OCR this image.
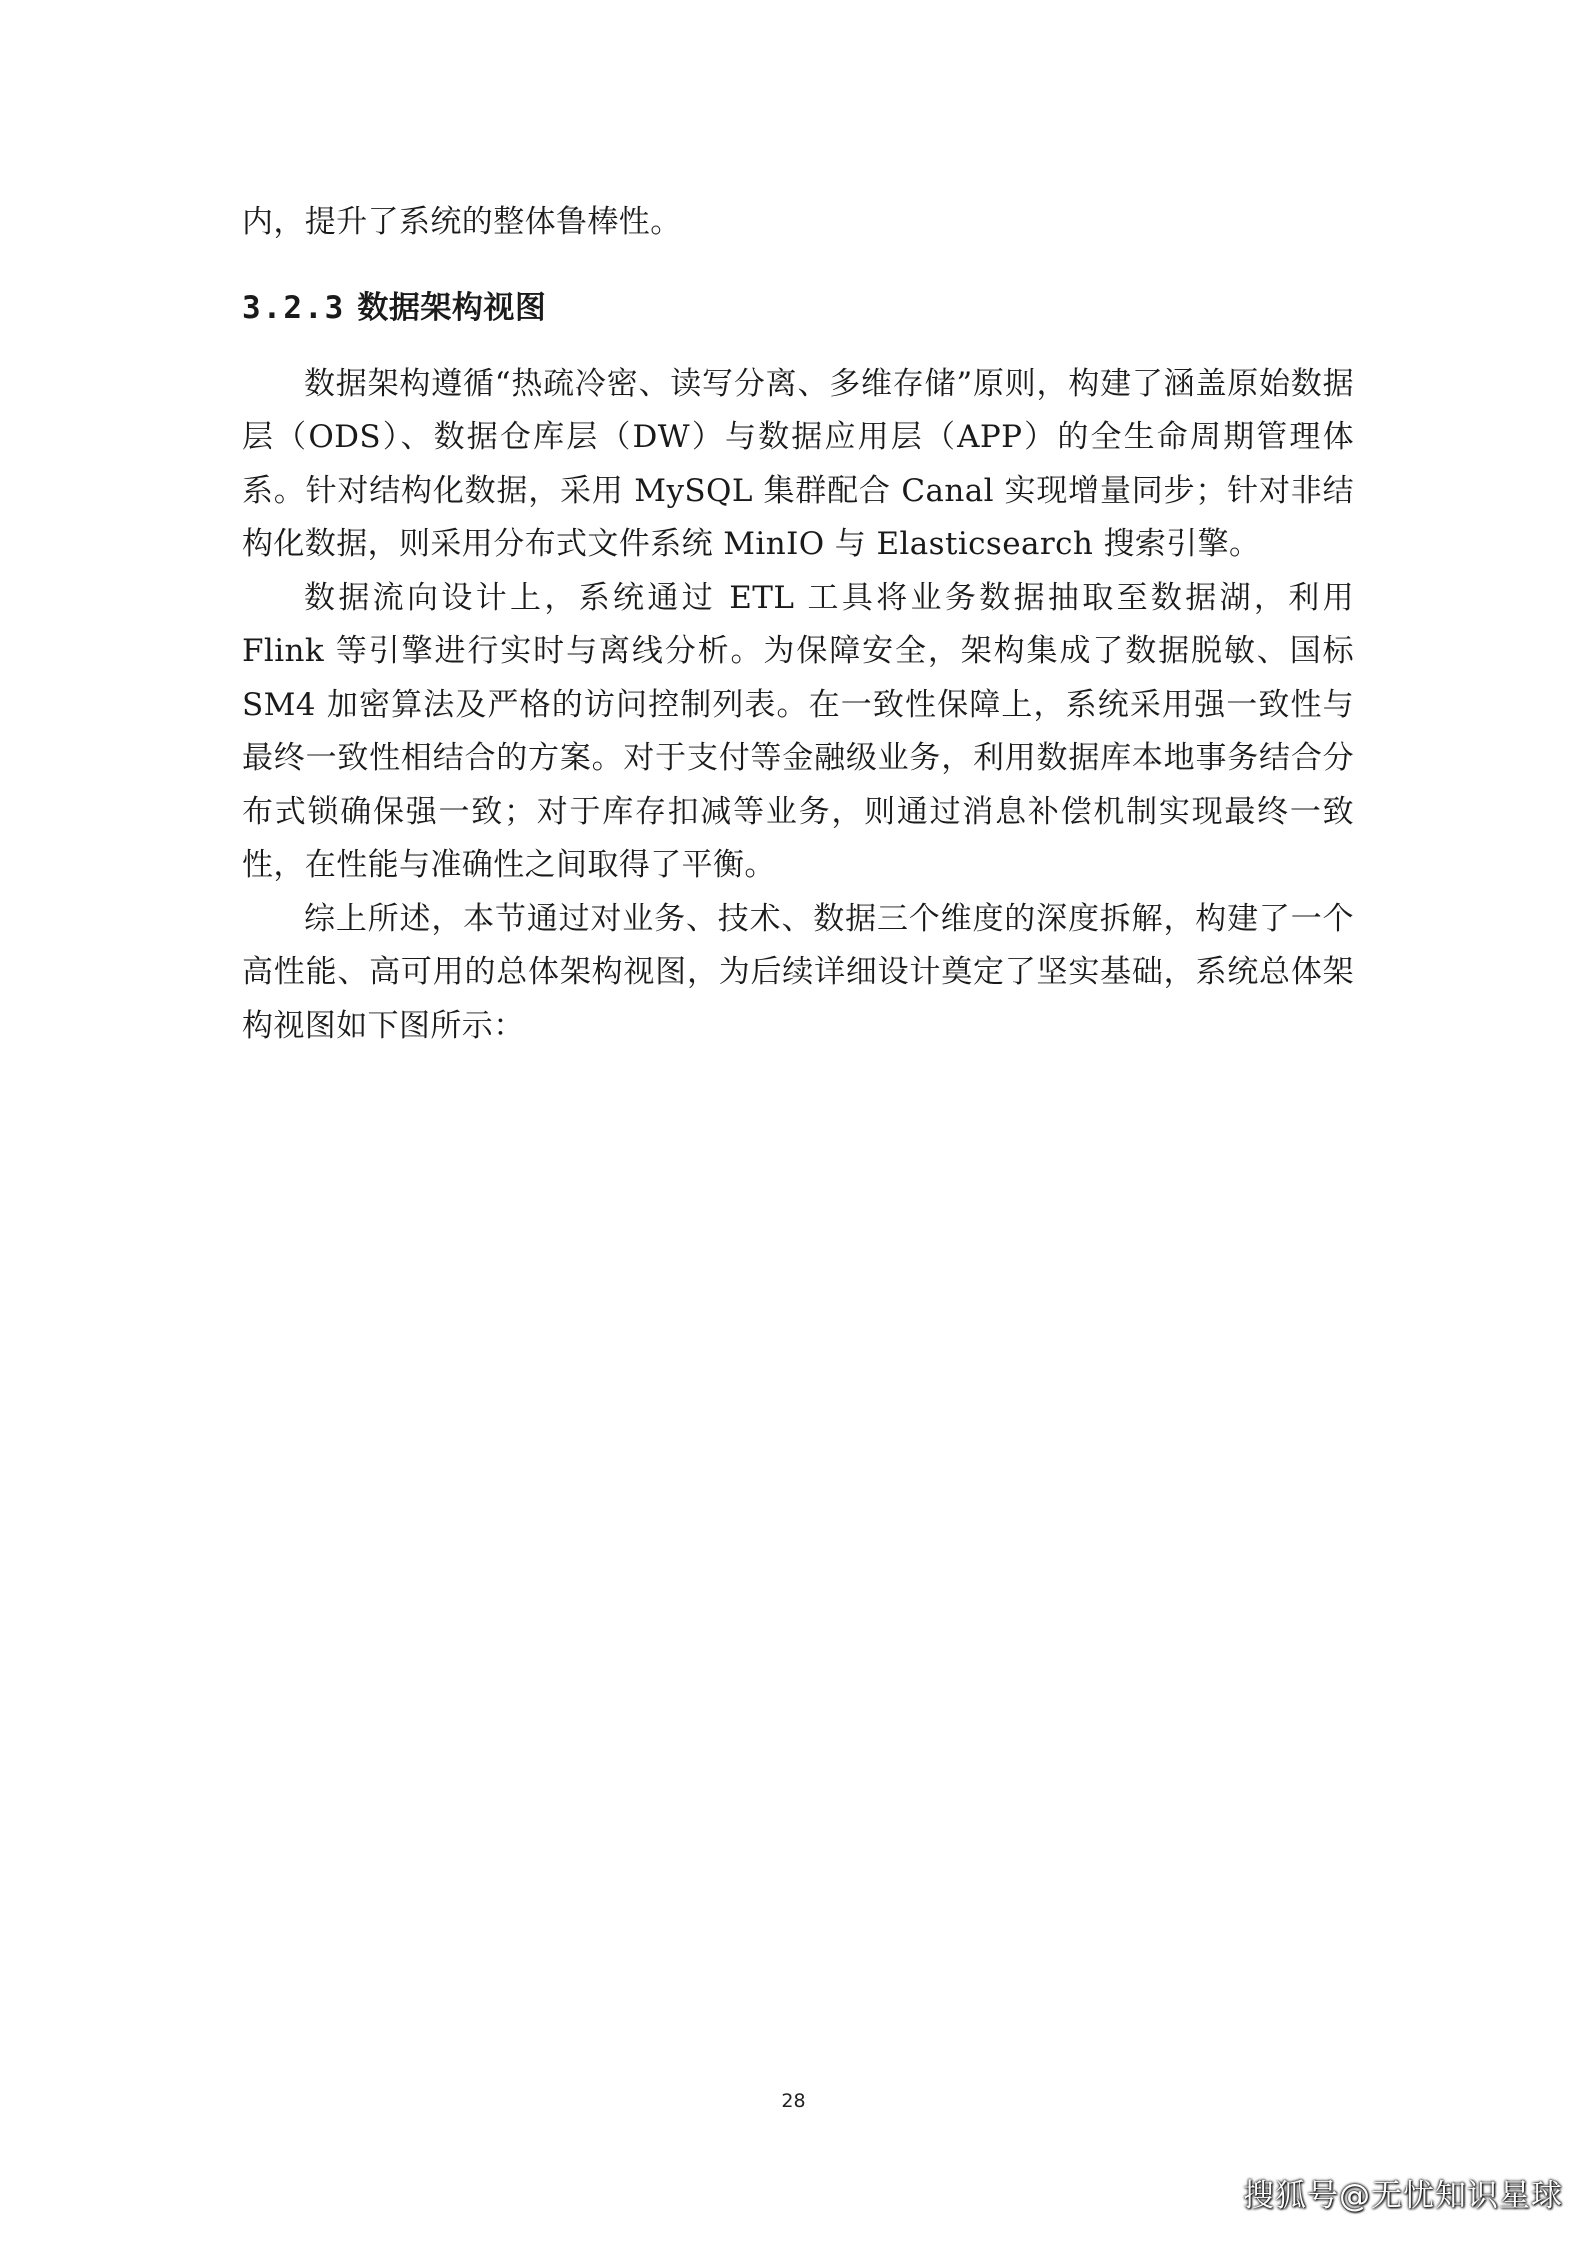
内，提升了系统的整体鲁棒性。

3.2.3 数据架构视图

数据架构遵循“热疏冷密、读写分离、多维存储”原则，构建了涵盖原始数据层（ODS）、数据仓库层（DW）与数据应用层（APP）的全生命周期管理体系。针对结构化数据，采用 MySQL 集群配合 Canal 实现增量同步；针对非结构化数据，则采用分布式文件系统 MinIO 与 Elasticsearch 搜索引擎。

数据流向设计上，系统通过 ETL 工具将业务数据抽取至数据湖，利用 Flink 等引擎进行实时与离线分析。为保障安全，架构集成了数据脱敏、国标 SM4 加密算法及严格的访问控制列表。在一致性保障上，系统采用强一致性与最终一致性相结合的方案。对于支付等金融级业务，利用数据库本地事务结合分布式锁确保强一致；对于库存扣减等业务，则通过消息补偿机制实现最终一致性，在性能与准确性之间取得了平衡。

综上所述，本节通过对业务、技术、数据三个维度的深度拆解，构建了一个高性能、高可用的总体架构视图，为后续详细设计奠定了坚实基础，系统总体架构视图如下图所示：

28
搜狐号@无忧知识星球
